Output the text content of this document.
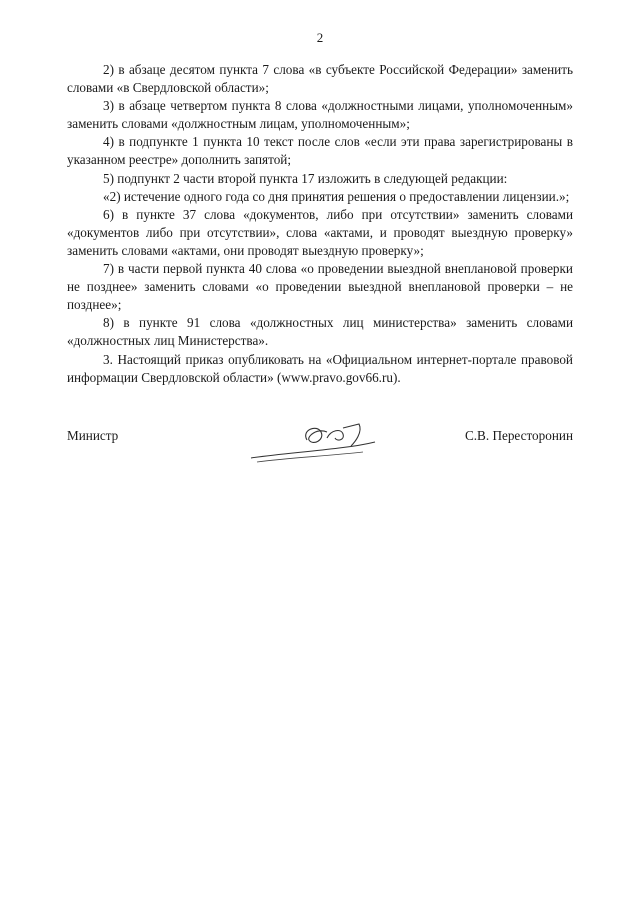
2

2) в абзаце десятом пункта 7 слова «в субъекте Российской Федерации» заменить словами «в Свердловской области»;

3) в абзаце четвертом пункта 8 слова «должностными лицами, уполномоченным» заменить словами «должностным лицам, уполномоченным»;

4) в подпункте 1 пункта 10 текст после слов «если эти права зарегистрированы в указанном реестре» дополнить запятой;

5) подпункт 2 части второй пункта 17 изложить в следующей редакции:

«2) истечение одного года со дня принятия решения о предоставлении лицензии.»;

6) в пункте 37 слова «документов, либо при отсутствии» заменить словами «документов либо при отсутствии», слова «актами, и проводят выездную проверку» заменить словами «актами, они проводят выездную проверку»;

7) в части первой пункта 40 слова «о проведении выездной внеплановой проверки не позднее» заменить словами «о проведении выездной внеплановой проверки – не позднее»;

8) в пункте 91 слова «должностных лиц министерства» заменить словами «должностных лиц Министерства».

3. Настоящий приказ опубликовать на «Официальном интернет-портале правовой информации Свердловской области» (www.pravo.gov66.ru).

Министр	С.В. Пересторонин
